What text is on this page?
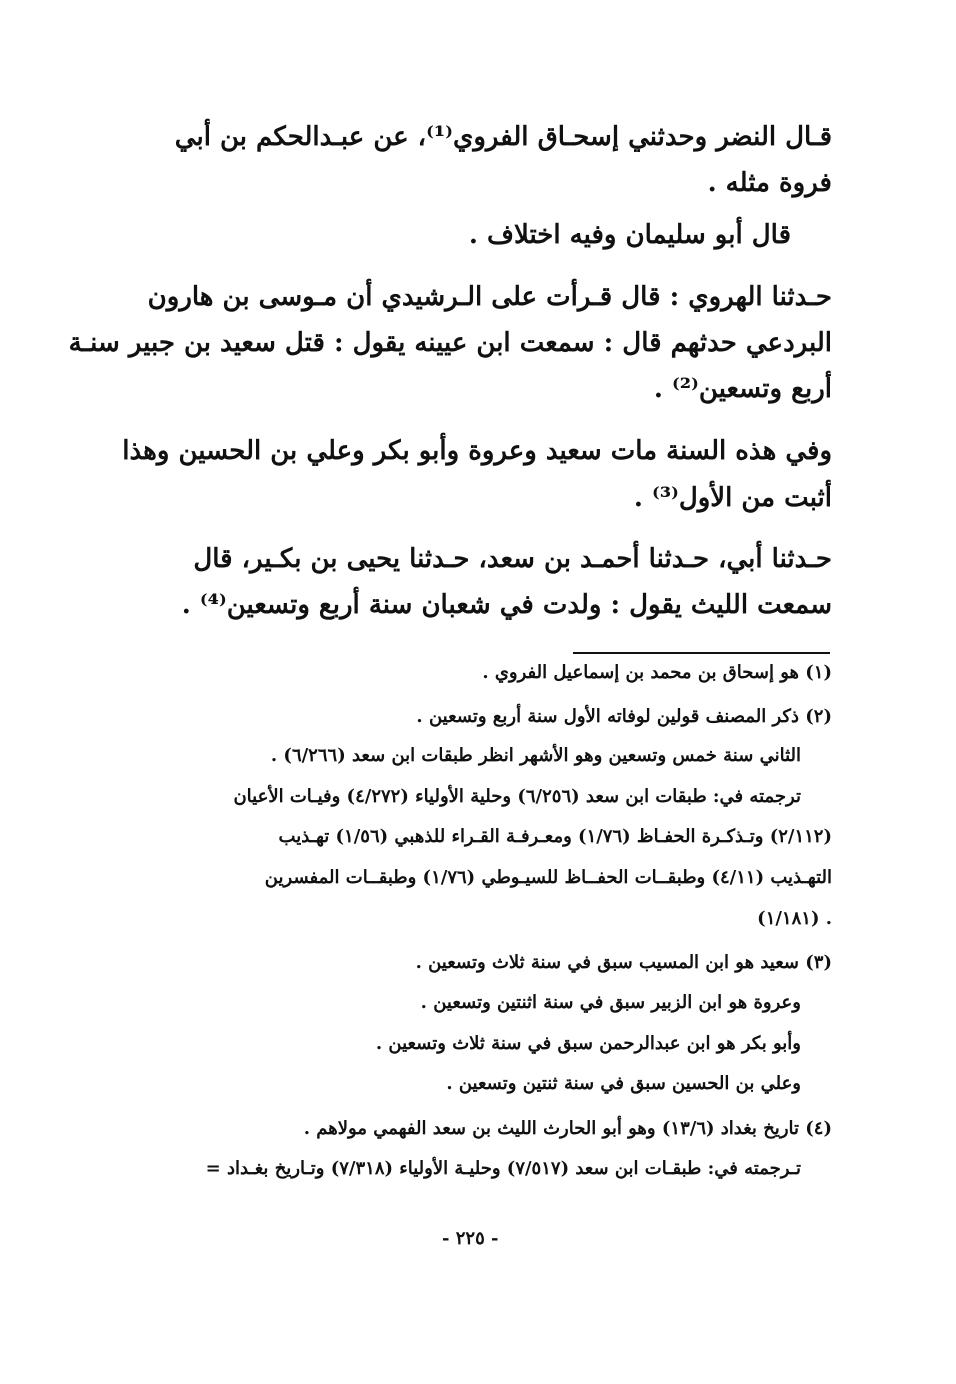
قـال النضر وحدثني إسحـاق الفروي⁽¹⁾، عن عبـدالحكم بن أبي
فروة مثله .
قال أبو سليمان وفيه اختلاف .
حـدثنا الهروي : قال قـرأت على الـرشيدي أن مـوسى بن هارون
البردعي حدثهم قال : سمعت ابن عيينه يقول : قتل سعيد بن جبير سنـة
أربع وتسعين⁽²⁾ .
وفي هذه السنة مات سعيد وعروة وأبو بكر وعلي بن الحسين وهذا
أثبت من الأول⁽³⁾ .
حـدثنا أبي، حـدثنا أحمـد بن سعد، حـدثنا يحيى بن بكـير، قال
سمعت الليث يقول : ولدت في شعبان سنة أربع وتسعين⁽⁴⁾ .
(١) هو إسحاق بن محمد بن إسماعيل الفروي .
(٢) ذكر المصنف قولين لوفاته الأول سنة أربع وتسعين .
الثاني سنة خمس وتسعين وهو الأشهر انظر طبقات ابن سعد (٦/٢٦٦) .
ترجمته في: طبقات ابن سعد (٦/٢٥٦) وحلية الأولياء (٤/٢٧٢) وفيـات الأعيان
(٢/١١٢) وتـذكـرة الحفـاظ (١/٧٦) ومعـرفـة القـراء للذهبي (١/٥٦) تهـذيب
التهـذيب (٤/١١) وطبقــات الحفــاظ للسيـوطي (١/٧٦) وطبقــات المفسرين
(١/١٨١) .
(٣) سعيد هو ابن المسيب سبق في سنة ثلاث وتسعين .
وعروة هو ابن الزبير سبق في سنة اثنتين وتسعين .
وأبو بكر هو ابن عبدالرحمن سبق في سنة ثلاث وتسعين .
وعلي بن الحسين سبق في سنة ثنتين وتسعين .
(٤) تاريخ بغداد (١٣/٦) وهو أبو الحارث الليث بن سعد الفهمي مولاهم .
تـرجمته في: طبقـات ابن سعد (٧/٥١٧) وحليـة الأولياء (٧/٣١٨) وتـاريخ بغـداد =
- ٢٢٥ -
